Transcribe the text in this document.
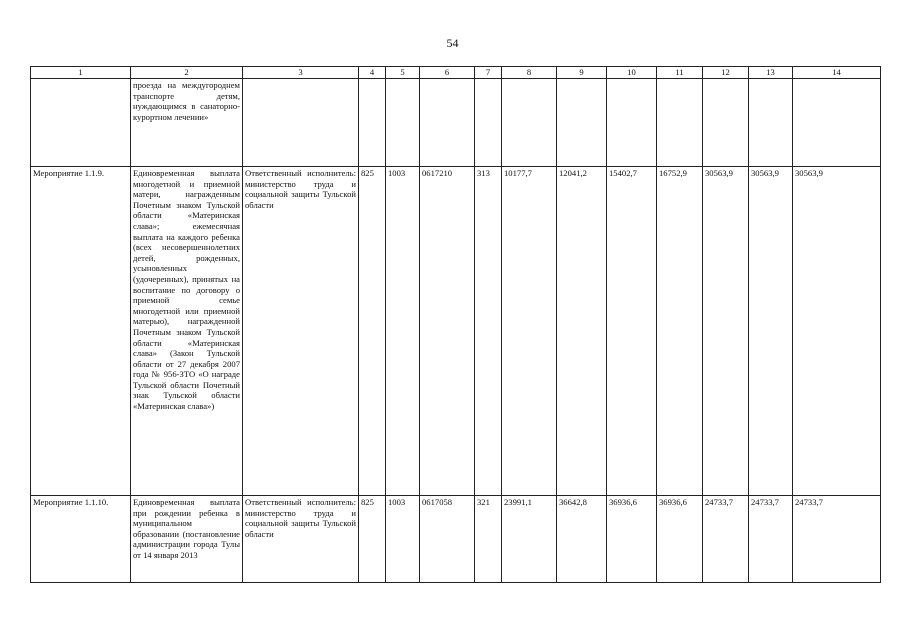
54
1	2	3	4	5	6	7	8	9	10	11	12	13	14
	проезда на междугороднем транспорте детям, нуждающимся в санаторно-курортном лечении»												
Мероприятие 1.1.9.	Единовременная выплата многодетной и приемной матери, награжденным Почетным знаком Тульской области «Материнская слава»; ежемесячная выплата на каждого ребенка (всех несовершеннолетних детей, рожденных, усыновленных (удочеренных), принятых на воспитание по договору о приемной семье многодетной или приемной матерью), награжденной Почетным знаком Тульской области «Материнская слава» (Закон Тульской области от 27 декабря 2007 года № 956-ЗТО «О награде Тульской области Почетный знак Тульской области «Материнская слава»)	Ответственный исполнитель: министерство труда и социальной защиты Тульской области	825	1003	0617210	313	10177,7	12041,2	15402,7	16752,9	30563,9	30563,9	30563,9
Мероприятие 1.1.10.	Единовременная выплата при рождении ребенка в муниципальном образовании (постановление администрации города Тулы от 14 января 2013	Ответственный исполнитель: министерство труда и социальной защиты Тульской области	825	1003	0617058	321	23991,1	36642,8	36936,6	36936,6	24733,7	24733,7	24733,7
